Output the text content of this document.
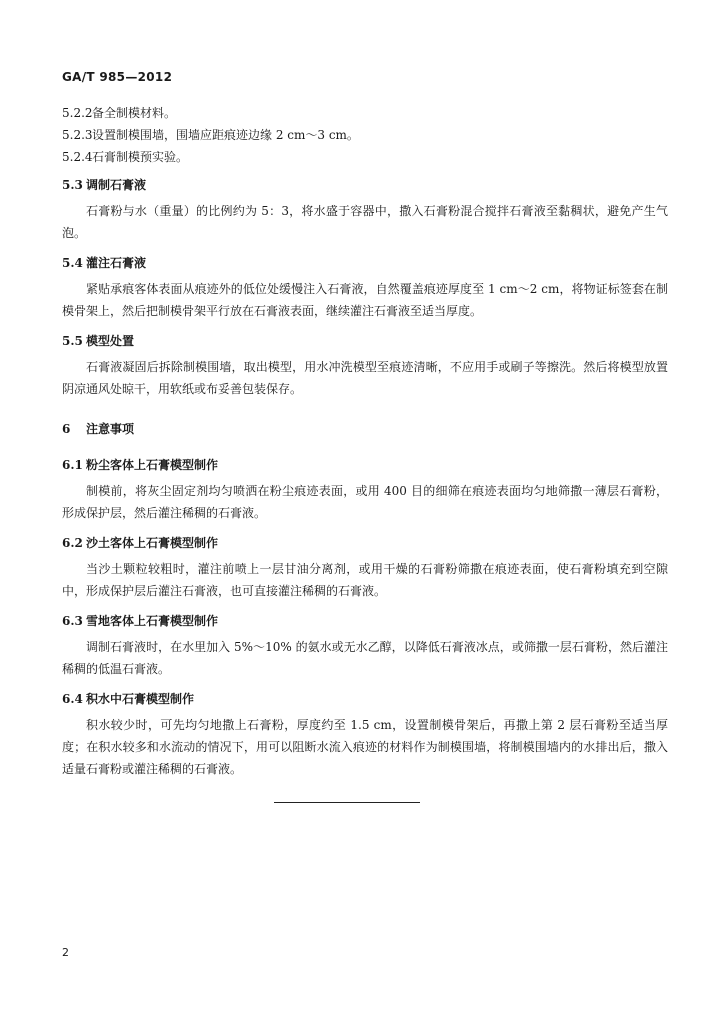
GA/T 985—2012
5.2.2备全制模材料。
5.2.3设置制模围墙，围墙应距痕迹边缘 2 cm～3 cm。
5.2.4石膏制模预实验。
5.3 调制石膏液
石膏粉与水（重量）的比例约为 5：3，将水盛于容器中，撒入石膏粉混合搅拌石膏液至黏稠状，避免产生气泡。
5.4 灌注石膏液
紧贴承痕客体表面从痕迹外的低位处缓慢注入石膏液，自然覆盖痕迹厚度至 1 cm～2 cm，将物证标签套在制模骨架上，然后把制模骨架平行放在石膏液表面，继续灌注石膏液至适当厚度。
5.5 模型处置
石膏液凝固后拆除制模围墙，取出模型，用水冲洗模型至痕迹清晰，不应用手或刷子等擦洗。然后将模型放置阴凉通风处晾干，用软纸或布妥善包装保存。
6 注意事项
6.1 粉尘客体上石膏模型制作
制模前，将灰尘固定剂均匀喷洒在粉尘痕迹表面，或用 400 目的细筛在痕迹表面均匀地筛撒一薄层石膏粉，形成保护层，然后灌注稀稠的石膏液。
6.2 沙土客体上石膏模型制作
当沙土颗粒较粗时，灌注前喷上一层甘油分离剂，或用干燥的石膏粉筛撒在痕迹表面，使石膏粉填充到空隙中，形成保护层后灌注石膏液，也可直接灌注稀稠的石膏液。
6.3 雪地客体上石膏模型制作
调制石膏液时，在水里加入 5%～10% 的氨水或无水乙醇，以降低石膏液冰点，或筛撒一层石膏粉，然后灌注稀稠的低温石膏液。
6.4 积水中石膏模型制作
积水较少时，可先均匀地撒上石膏粉，厚度约至 1.5 cm，设置制模骨架后，再撒上第 2 层石膏粉至适当厚度；在积水较多和水流动的情况下，用可以阻断水流入痕迹的材料作为制模围墙，将制模围墙内的水排出后，撒入适量石膏粉或灌注稀稠的石膏液。
2
